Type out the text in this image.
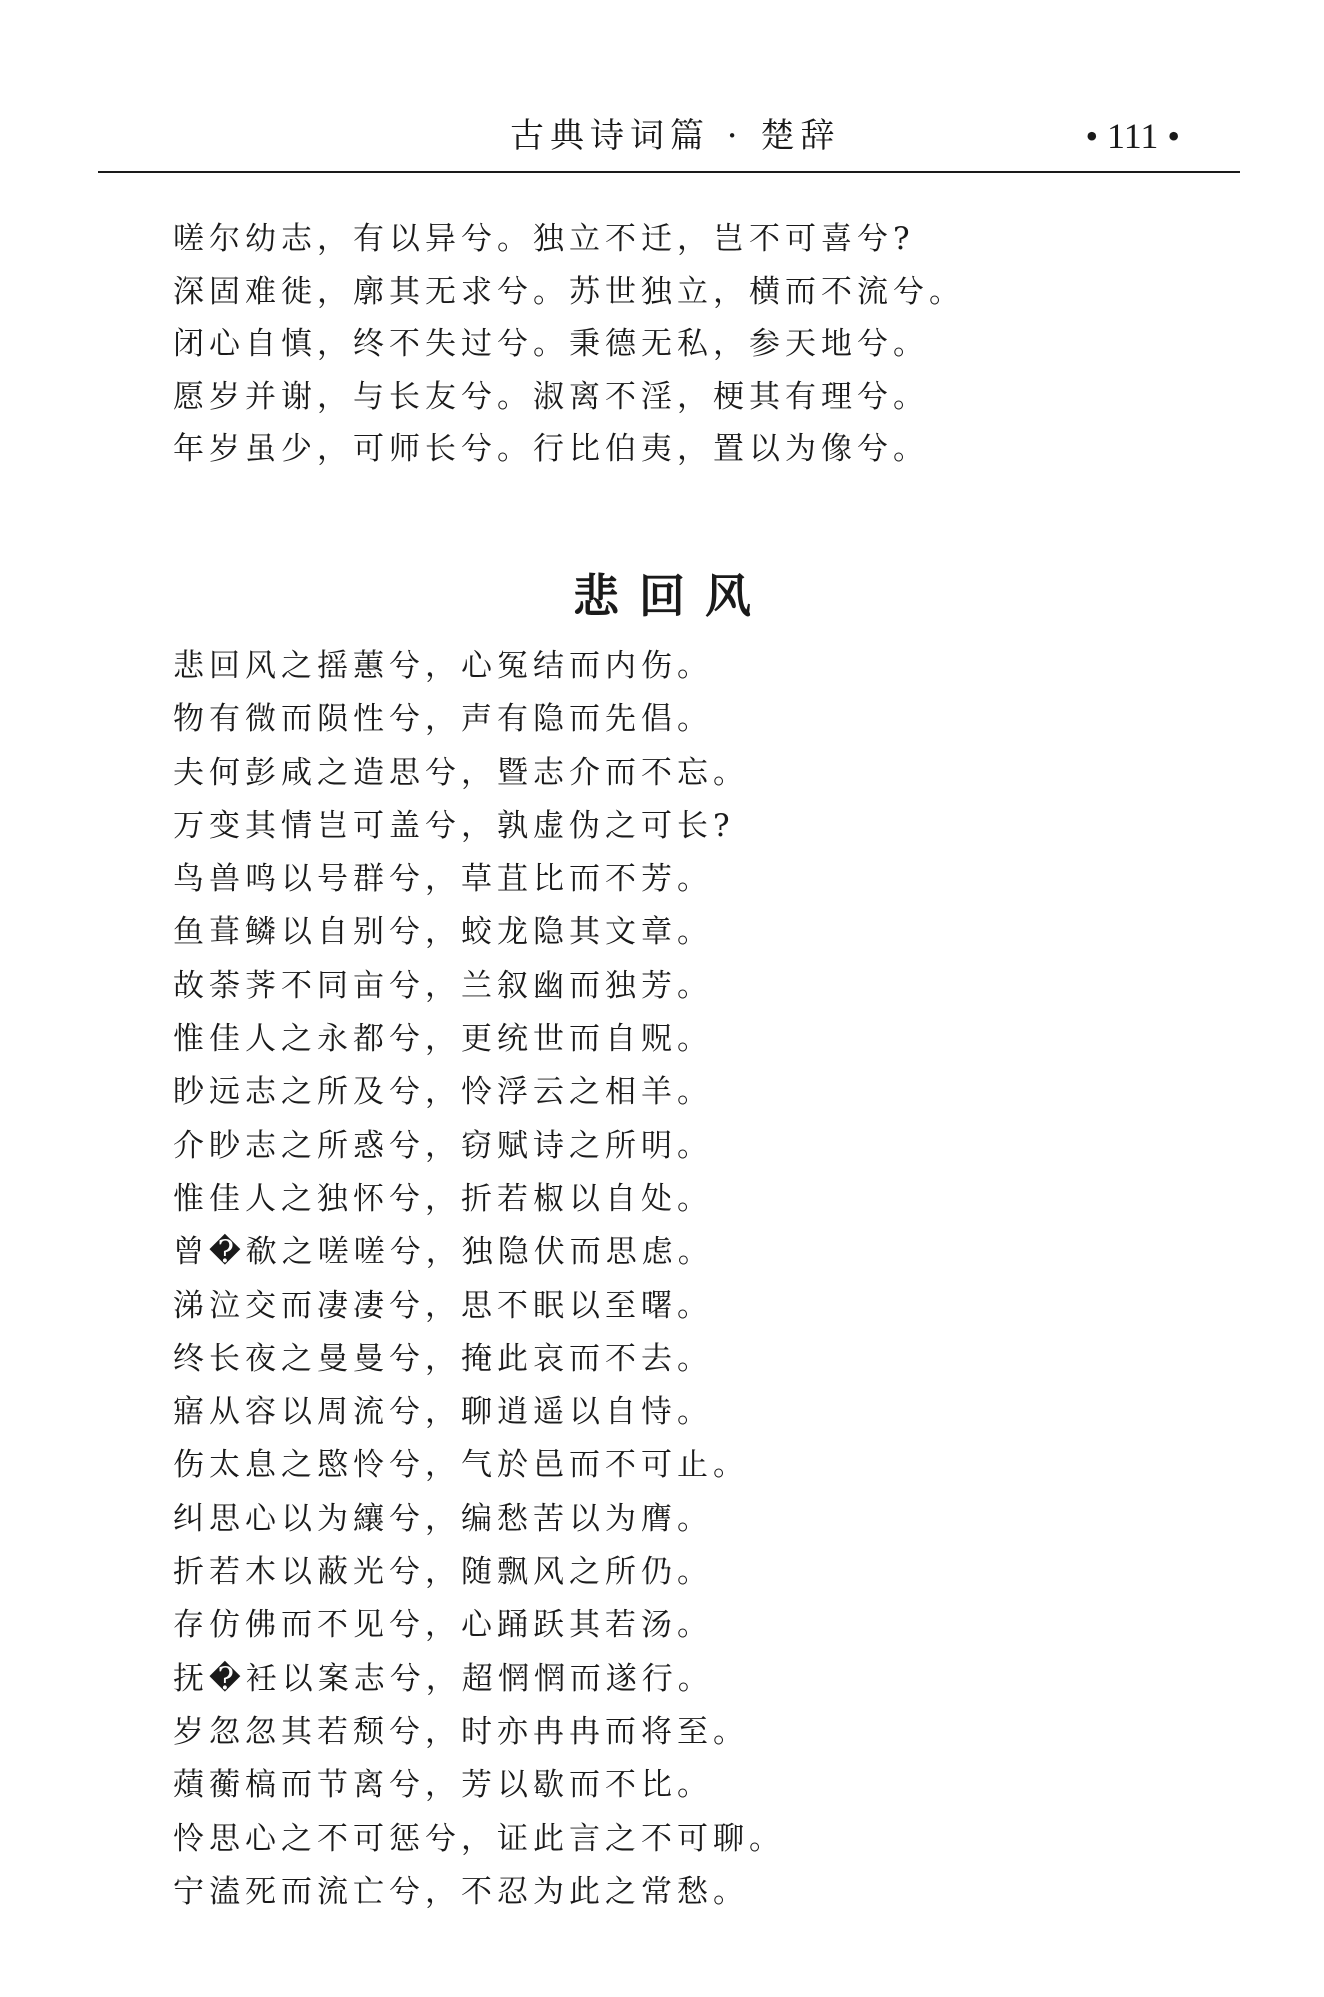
古典诗词篇 · 楚辞	• 111 •
嗟尔幼志，有以异兮。独立不迁，岂不可喜兮?
深固难徙，廓其无求兮。苏世独立，横而不流兮。
闭心自慎，终不失过兮。秉德无私，参天地兮。
愿岁并谢，与长友兮。淑离不淫，梗其有理兮。
年岁虽少，可师长兮。行比伯夷，置以为像兮。
悲回风
悲回风之摇蕙兮，心冤结而内伤。
物有微而陨性兮，声有隐而先倡。
夫何彭咸之造思兮，暨志介而不忘。
万变其情岂可盖兮，孰虚伪之可长?
鸟兽鸣以号群兮，草苴比而不芳。
鱼葺鳞以自别兮，蛟龙隐其文章。
故荼荠不同亩兮，兰叙幽而独芳。
惟佳人之永都兮，更统世而自贶。
眇远志之所及兮，怜浮云之相羊。
介眇志之所惑兮，窃赋诗之所明。
惟佳人之独怀兮，折若椒以自处。
曾�欷之嗟嗟兮，独隐伏而思虑。
涕泣交而凄凄兮，思不眠以至曙。
终长夜之曼曼兮，掩此哀而不去。
寤从容以周流兮，聊逍遥以自恃。
伤太息之愍怜兮，气於邑而不可止。
纠思心以为纕兮，编愁苦以为膺。
折若木以蔽光兮，随飘风之所仍。
存仿佛而不见兮，心踊跃其若汤。
抚�衽以案志兮，超惘惘而遂行。
岁忽忽其若颓兮，时亦冉冉而将至。
薠蘅槁而节离兮，芳以歇而不比。
怜思心之不可惩兮，证此言之不可聊。
宁溘死而流亡兮，不忍为此之常愁。
